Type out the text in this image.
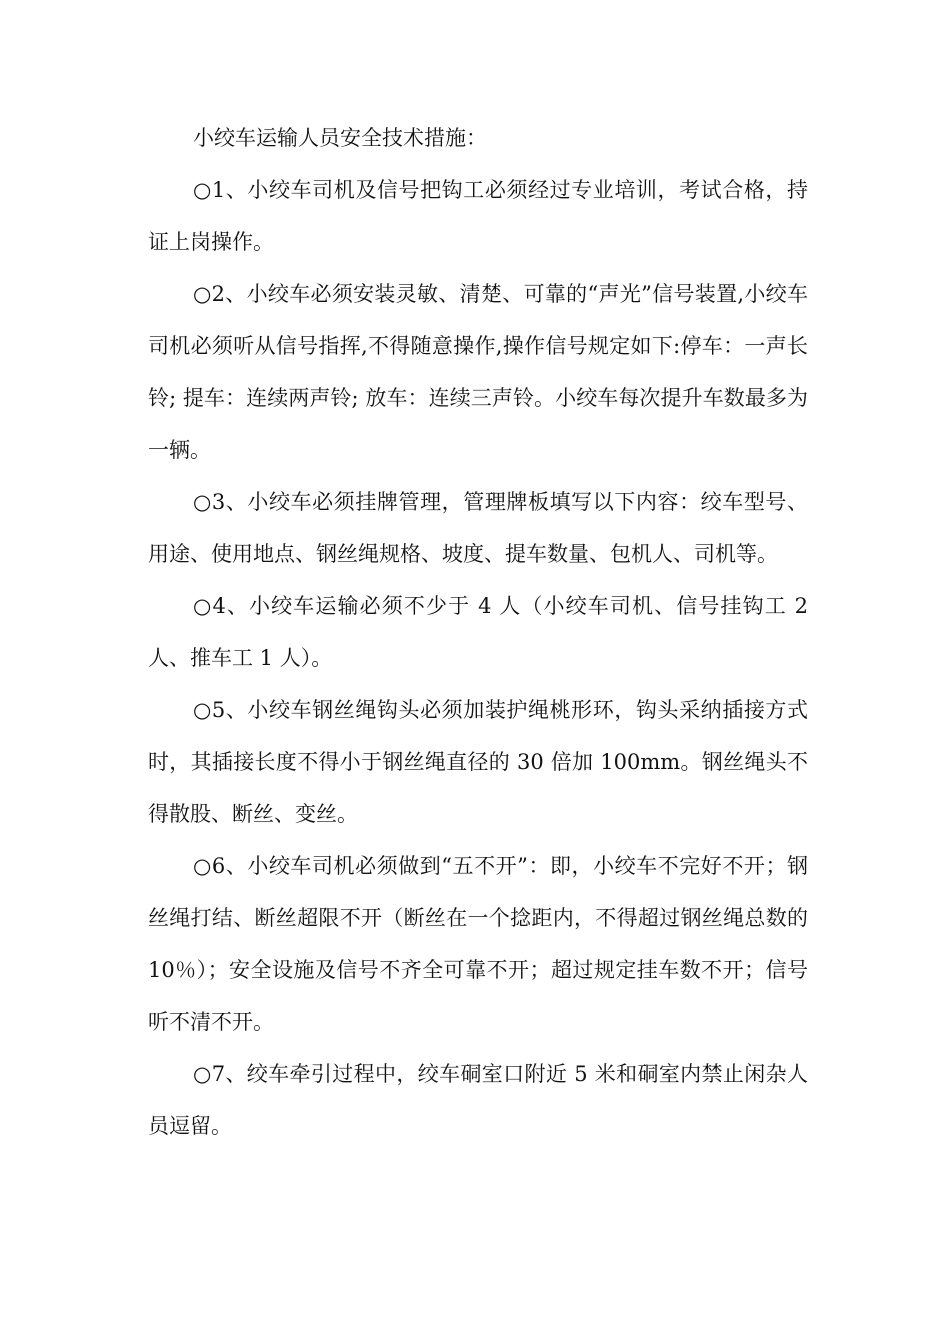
小绞车运输人员安全技术措施：

○1、小绞车司机及信号把钩工必须经过专业培训，考试合格，持证上岗操作。

○2、小绞车必须安装灵敏、清楚、可靠的“声光”信号装置,小绞车司机必须听从信号指挥,不得随意操作,操作信号规定如下:停车：一声长铃; 提车：连续两声铃; 放车：连续三声铃。小绞车每次提升车数最多为一辆。

○3、小绞车必须挂牌管理，管理牌板填写以下内容：绞车型号、用途、使用地点、钢丝绳规格、坡度、提车数量、包机人、司机等。

○4、小绞车运输必须不少于 4 人（小绞车司机、信号挂钩工 2 人、推车工 1 人）。

○5、小绞车钢丝绳钩头必须加装护绳桃形环，钩头采纳插接方式时，其插接长度不得小于钢丝绳直径的 30 倍加 100mm。钢丝绳头不得散股、断丝、变丝。

○6、小绞车司机必须做到“五不开”：即，小绞车不完好不开；钢丝绳打结、断丝超限不开（断丝在一个捻距内，不得超过钢丝绳总数的 10％）；安全设施及信号不齐全可靠不开；超过规定挂车数不开；信号听不清不开。

○7、绞车牵引过程中，绞车硐室口附近 5 米和硐室内禁止闲杂人员逗留。
